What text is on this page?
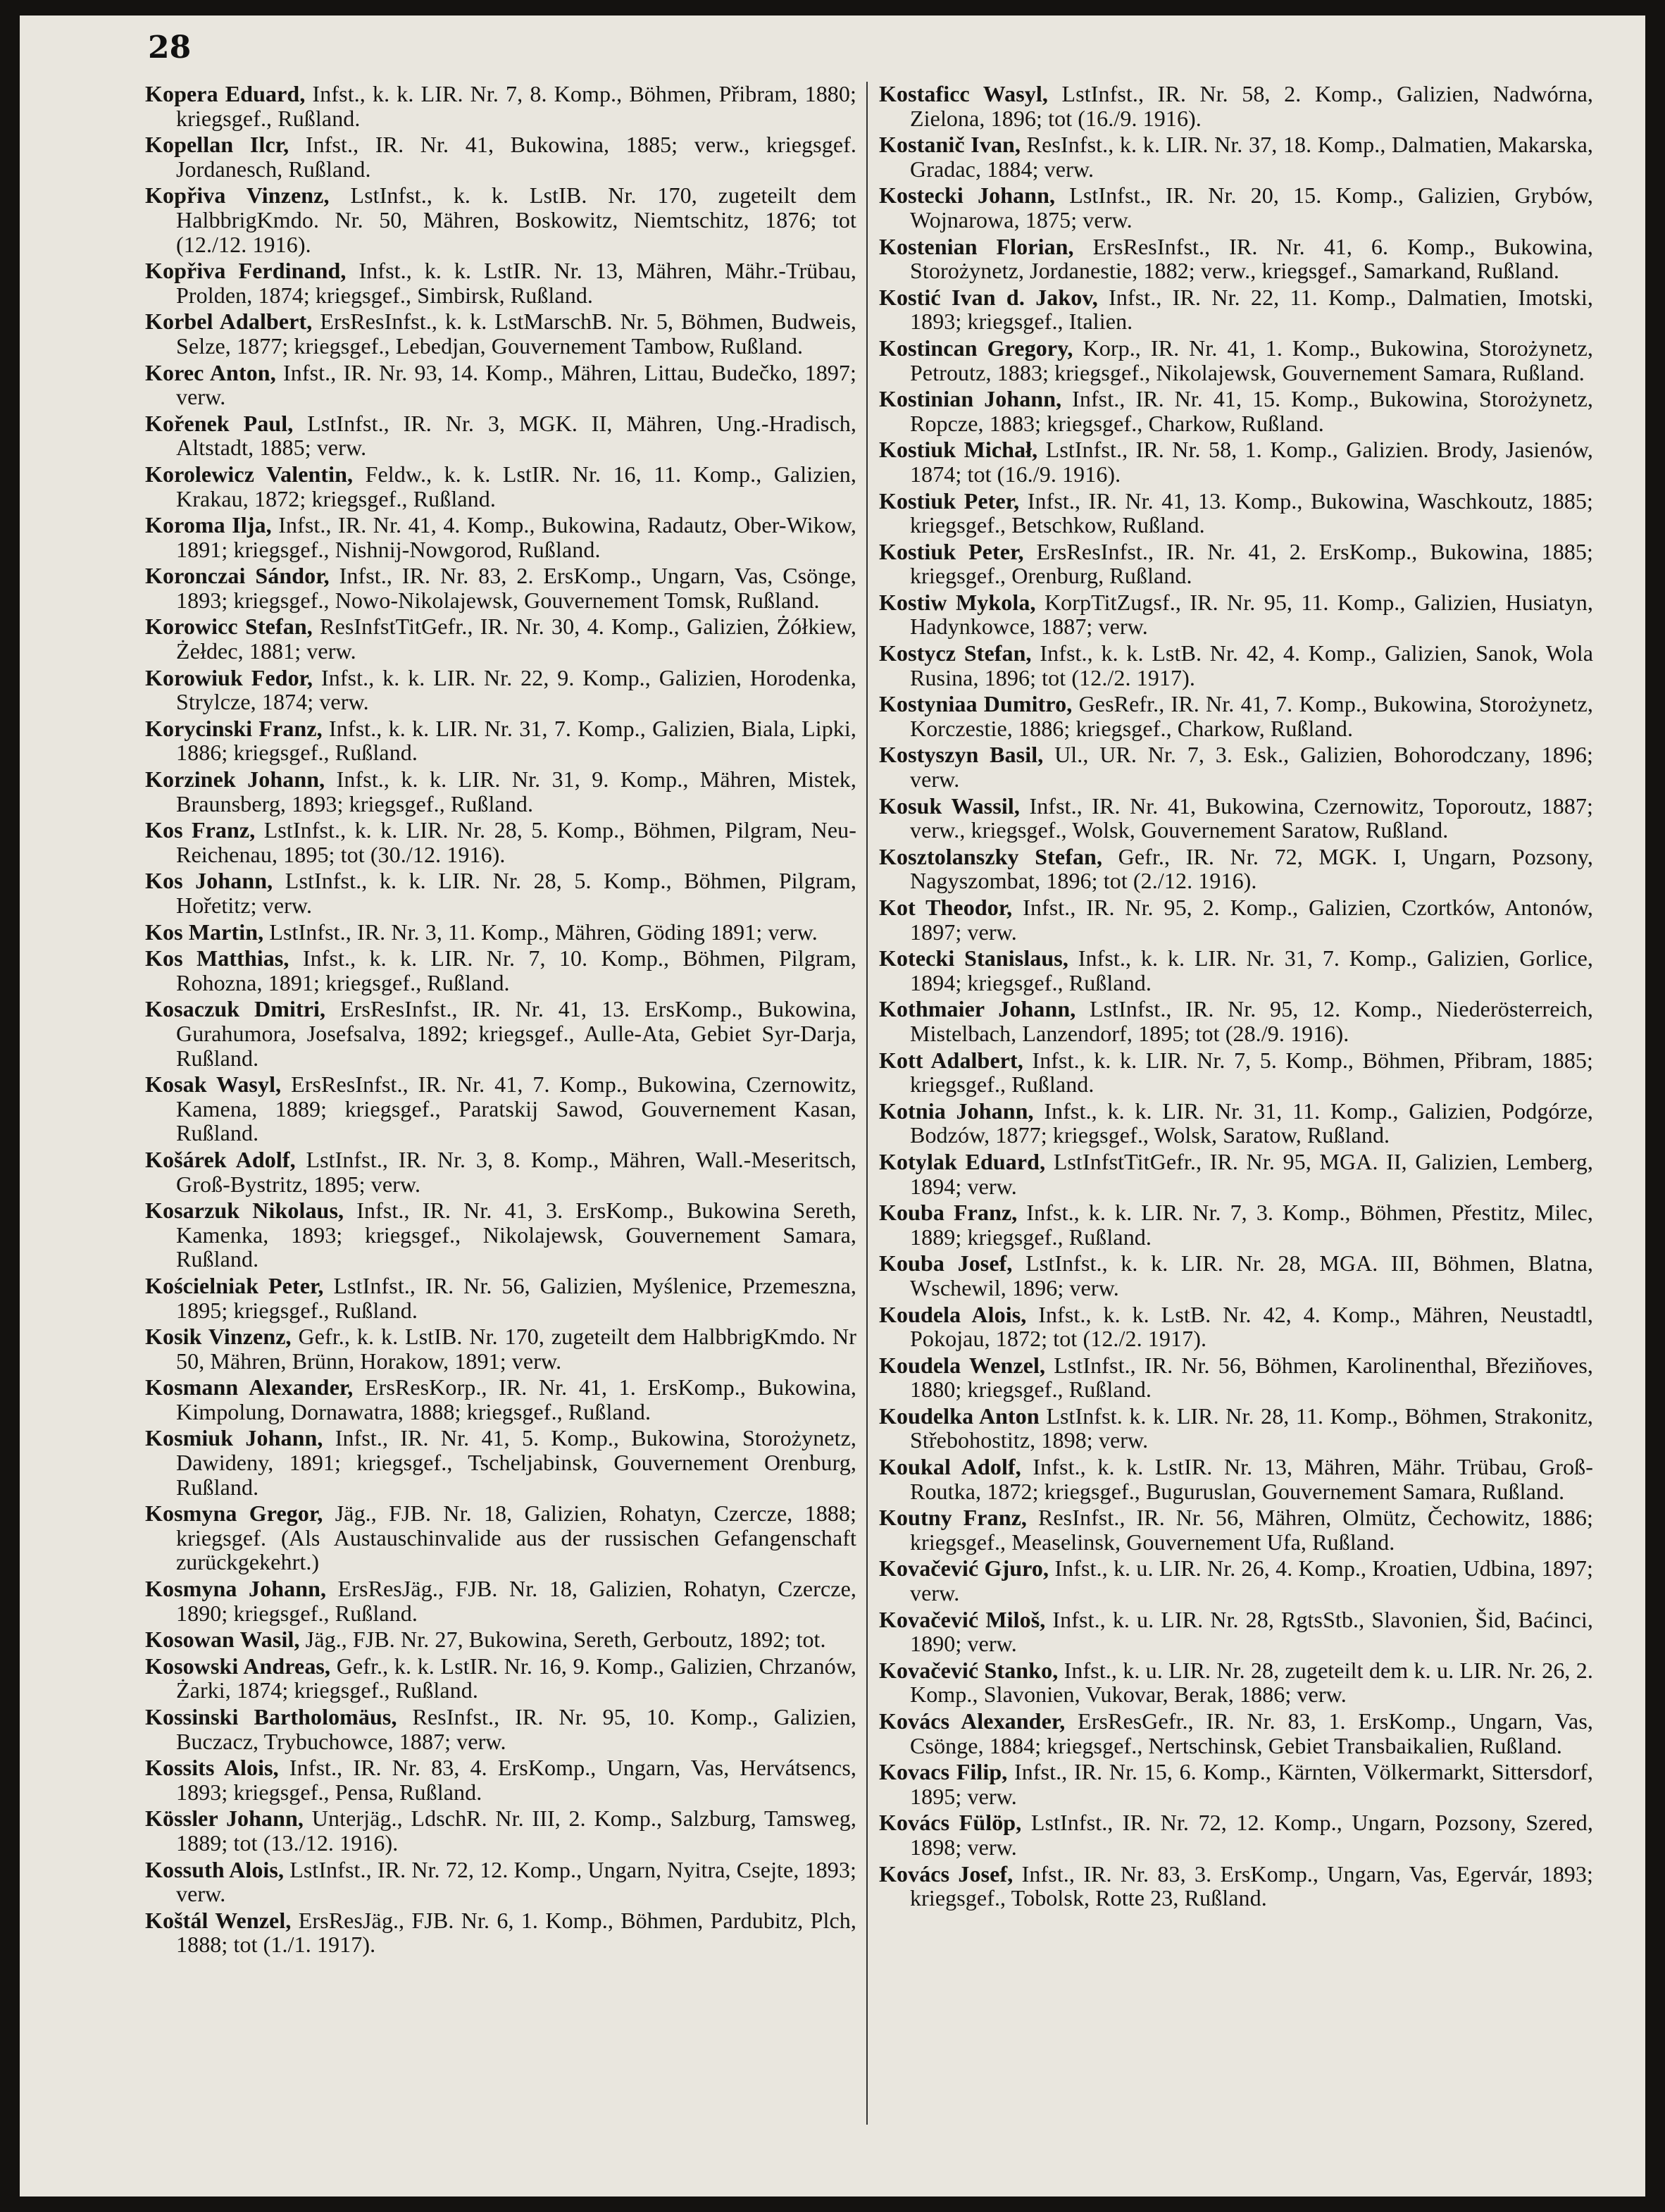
28

Kopera Eduard, Infst., k. k. LIR. Nr. 7, 8. Komp., Böhmen, Přibram, 1880; kriegsgef., Rußland.

Kopellan Ilcr, Infst., IR. Nr. 41, Bukowina, 1885; verw., kriegsgef. Jordanesch, Rußland.

Kopřiva Vinzenz, LstInfst., k. k. LstIB. Nr. 170, zugeteilt dem HalbbrigKmdo. Nr. 50, Mähren, Boskowitz, Niemtschitz, 1876; tot (12./12. 1916).

Kopřiva Ferdinand, Infst., k. k. LstIR. Nr. 13, Mähren, Mähr.-Trübau, Prolden, 1874; kriegsgef., Simbirsk, Rußland.

Korbel Adalbert, ErsResInfst., k. k. LstMarschB. Nr. 5, Böhmen, Budweis, Selze, 1877; kriegsgef., Lebedjan, Gouvernement Tambow, Rußland.

Korec Anton, Infst., IR. Nr. 93, 14. Komp., Mähren, Littau, Budečko, 1897; verw.

Kořenek Paul, LstInfst., IR. Nr. 3, MGK. II, Mähren, Ung.-Hradisch, Altstadt, 1885; verw.

Korolewicz Valentin, Feldw., k. k. LstIR. Nr. 16, 11. Komp., Galizien, Krakau, 1872; kriegsgef., Rußland.

Koroma Ilja, Infst., IR. Nr. 41, 4. Komp., Bukowina, Radautz, Ober-Wikow, 1891; kriegsgef., Nishnij-Nowgorod, Rußland.

Koronczai Sándor, Infst., IR. Nr. 83, 2. ErsKomp., Ungarn, Vas, Csönge, 1893; kriegsgef., Nowo-Nikolajewsk, Gouvernement Tomsk, Rußland.

Korowicc Stefan, ResInfstTitGefr., IR. Nr. 30, 4. Komp., Galizien, Żółkiew, Żełdec, 1881; verw.

Korowiuk Fedor, Infst., k. k. LIR. Nr. 22, 9. Komp., Galizien, Horodenka, Strylcze, 1874; verw.

Korycinski Franz, Infst., k. k. LIR. Nr. 31, 7. Komp., Galizien, Biala, Lipki, 1886; kriegsgef., Rußland.

Korzinek Johann, Infst., k. k. LIR. Nr. 31, 9. Komp., Mähren, Mistek, Braunsberg, 1893; kriegsgef., Rußland.

Kos Franz, LstInfst., k. k. LIR. Nr. 28, 5. Komp., Böhmen, Pilgram, Neu-Reichenau, 1895; tot (30./12. 1916).

Kos Johann, LstInfst., k. k. LIR. Nr. 28, 5. Komp., Böhmen, Pilgram, Hořetitz; verw.

Kos Martin, LstInfst., IR. Nr. 3, 11. Komp., Mähren, Göding 1891; verw.

Kos Matthias, Infst., k. k. LIR. Nr. 7, 10. Komp., Böhmen, Pilgram, Rohozna, 1891; kriegsgef., Rußland.

Kosaczuk Dmitri, ErsResInfst., IR. Nr. 41, 13. ErsKomp., Bukowina, Gurahumora, Josefsalva, 1892; kriegsgef., Aulle-Ata, Gebiet Syr-Darja, Rußland.

Kosak Wasyl, ErsResInfst., IR. Nr. 41, 7. Komp., Bukowina, Czernowitz, Kamena, 1889; kriegsgef., Paratskij Sawod, Gouvernement Kasan, Rußland.

Košárek Adolf, LstInfst., IR. Nr. 3, 8. Komp., Mähren, Wall.-Meseritsch, Groß-Bystritz, 1895; verw.

Kosarzuk Nikolaus, Infst., IR. Nr. 41, 3. ErsKomp., Bukowina Sereth, Kamenka, 1893; kriegsgef., Nikolajewsk, Gouvernement Samara, Rußland.

Kościelniak Peter, LstInfst., IR. Nr. 56, Galizien, Myślenice, Przemeszna, 1895; kriegsgef., Rußland.

Kosik Vinzenz, Gefr., k. k. LstIB. Nr. 170, zugeteilt dem HalbbrigKmdo. Nr 50, Mähren, Brünn, Horakow, 1891; verw.

Kosmann Alexander, ErsResKorp., IR. Nr. 41, 1. ErsKomp., Bukowina, Kimpolung, Dornawatra, 1888; kriegsgef., Rußland.

Kosmiuk Johann, Infst., IR. Nr. 41, 5. Komp., Bukowina, Storożynetz, Dawideny, 1891; kriegsgef., Tscheljabinsk, Gouvernement Orenburg, Rußland.

Kosmyna Gregor, Jäg., FJB. Nr. 18, Galizien, Rohatyn, Czercze, 1888; kriegsgef. (Als Austauschinvalide aus der russischen Gefangenschaft zurückgekehrt.)

Kosmyna Johann, ErsResJäg., FJB. Nr. 18, Galizien, Rohatyn, Czercze, 1890; kriegsgef., Rußland.

Kosowan Wasil, Jäg., FJB. Nr. 27, Bukowina, Sereth, Gerboutz, 1892; tot.

Kosowski Andreas, Gefr., k. k. LstIR. Nr. 16, 9. Komp., Galizien, Chrzanów, Żarki, 1874; kriegsgef., Rußland.

Kossinski Bartholomäus, ResInfst., IR. Nr. 95, 10. Komp., Galizien, Buczacz, Trybuchowce, 1887; verw.

Kossits Alois, Infst., IR. Nr. 83, 4. ErsKomp., Ungarn, Vas, Hervátsencs, 1893; kriegsgef., Pensa, Rußland.

Kössler Johann, Unterjäg., LdschR. Nr. III, 2. Komp., Salzburg, Tamsweg, 1889; tot (13./12. 1916).

Kossuth Alois, LstInfst., IR. Nr. 72, 12. Komp., Ungarn, Nyitra, Csejte, 1893; verw.

Koštál Wenzel, ErsResJäg., FJB. Nr. 6, 1. Komp., Böhmen, Pardubitz, Plch, 1888; tot (1./1. 1917).

Kostaficc Wasyl, LstInfst., IR. Nr. 58, 2. Komp., Galizien, Nadwórna, Zielona, 1896; tot (16./9. 1916).

Kostanič Ivan, ResInfst., k. k. LIR. Nr. 37, 18. Komp., Dalmatien, Makarska, Gradac, 1884; verw.

Kostecki Johann, LstInfst., IR. Nr. 20, 15. Komp., Galizien, Grybów, Wojnarowa, 1875; verw.

Kostenian Florian, ErsResInfst., IR. Nr. 41, 6. Komp., Bukowina, Storożynetz, Jordanestie, 1882; verw., kriegsgef., Samarkand, Rußland.

Kostić Ivan d. Jakov, Infst., IR. Nr. 22, 11. Komp., Dalmatien, Imotski, 1893; kriegsgef., Italien.

Kostincan Gregory, Korp., IR. Nr. 41, 1. Komp., Bukowina, Storożynetz, Petroutz, 1883; kriegsgef., Nikolajewsk, Gouvernement Samara, Rußland.

Kostinian Johann, Infst., IR. Nr. 41, 15. Komp., Bukowina, Storożynetz, Ropcze, 1883; kriegsgef., Charkow, Rußland.

Kostiuk Michał, LstInfst., IR. Nr. 58, 1. Komp., Galizien. Brody, Jasienów, 1874; tot (16./9. 1916).

Kostiuk Peter, Infst., IR. Nr. 41, 13. Komp., Bukowina, Waschkoutz, 1885; kriegsgef., Betschkow, Rußland.

Kostiuk Peter, ErsResInfst., IR. Nr. 41, 2. ErsKomp., Bukowina, 1885; kriegsgef., Orenburg, Rußland.

Kostiw Mykola, KorpTitZugsf., IR. Nr. 95, 11. Komp., Galizien, Husiatyn, Hadynkowce, 1887; verw.

Kostycz Stefan, Infst., k. k. LstB. Nr. 42, 4. Komp., Galizien, Sanok, Wola Rusina, 1896; tot (12./2. 1917).

Kostyniaa Dumitro, GesRefr., IR. Nr. 41, 7. Komp., Bukowina, Storożynetz, Korczestie, 1886; kriegsgef., Charkow, Rußland.

Kostyszyn Basil, Ul., UR. Nr. 7, 3. Esk., Galizien, Bohorodczany, 1896; verw.

Kosuk Wassil, Infst., IR. Nr. 41, Bukowina, Czernowitz, Toporoutz, 1887; verw., kriegsgef., Wolsk, Gouvernement Saratow, Rußland.

Kosztolanszky Stefan, Gefr., IR. Nr. 72, MGK. I, Ungarn, Pozsony, Nagyszombat, 1896; tot (2./12. 1916).

Kot Theodor, Infst., IR. Nr. 95, 2. Komp., Galizien, Czortków, Antonów, 1897; verw.

Kotecki Stanislaus, Infst., k. k. LIR. Nr. 31, 7. Komp., Galizien, Gorlice, 1894; kriegsgef., Rußland.

Kothmaier Johann, LstInfst., IR. Nr. 95, 12. Komp., Niederösterreich, Mistelbach, Lanzendorf, 1895; tot (28./9. 1916).

Kott Adalbert, Infst., k. k. LIR. Nr. 7, 5. Komp., Böhmen, Přibram, 1885; kriegsgef., Rußland.

Kotnia Johann, Infst., k. k. LIR. Nr. 31, 11. Komp., Galizien, Podgórze, Bodzów, 1877; kriegsgef., Wolsk, Saratow, Rußland.

Kotylak Eduard, LstInfstTitGefr., IR. Nr. 95, MGA. II, Galizien, Lemberg, 1894; verw.

Kouba Franz, Infst., k. k. LIR. Nr. 7, 3. Komp., Böhmen, Přestitz, Milec, 1889; kriegsgef., Rußland.

Kouba Josef, LstInfst., k. k. LIR. Nr. 28, MGA. III, Böhmen, Blatna, Wschewil, 1896; verw.

Koudela Alois, Infst., k. k. LstB. Nr. 42, 4. Komp., Mähren, Neustadtl, Pokojau, 1872; tot (12./2. 1917).

Koudela Wenzel, LstInfst., IR. Nr. 56, Böhmen, Karolinenthal, Březiňoves, 1880; kriegsgef., Rußland.

Koudelka Anton LstInfst. k. k. LIR. Nr. 28, 11. Komp., Böhmen, Strakonitz, Střebohostitz, 1898; verw.

Koukal Adolf, Infst., k. k. LstIR. Nr. 13, Mähren, Mähr. Trübau, Groß-Routka, 1872; kriegsgef., Buguruslan, Gouvernement Samara, Rußland.

Koutny Franz, ResInfst., IR. Nr. 56, Mähren, Olmütz, Čechowitz, 1886; kriegsgef., Measelinsk, Gouvernement Ufa, Rußland.

Kovačević Gjuro, Infst., k. u. LIR. Nr. 26, 4. Komp., Kroatien, Udbina, 1897; verw.

Kovačević Miloš, Infst., k. u. LIR. Nr. 28, RgtsStb., Slavonien, Šid, Baćinci, 1890; verw.

Kovačević Stanko, Infst., k. u. LIR. Nr. 28, zugeteilt dem k. u. LIR. Nr. 26, 2. Komp., Slavonien, Vukovar, Berak, 1886; verw.

Kovács Alexander, ErsResGefr., IR. Nr. 83, 1. ErsKomp., Ungarn, Vas, Csönge, 1884; kriegsgef., Nertschinsk, Gebiet Transbaikalien, Rußland.

Kovacs Filip, Infst., IR. Nr. 15, 6. Komp., Kärnten, Völkermarkt, Sittersdorf, 1895; verw.

Kovács Fülöp, LstInfst., IR. Nr. 72, 12. Komp., Ungarn, Pozsony, Szered, 1898; verw.

Kovács Josef, Infst., IR. Nr. 83, 3. ErsKomp., Ungarn, Vas, Egervár, 1893; kriegsgef., Tobolsk, Rotte 23, Rußland.
